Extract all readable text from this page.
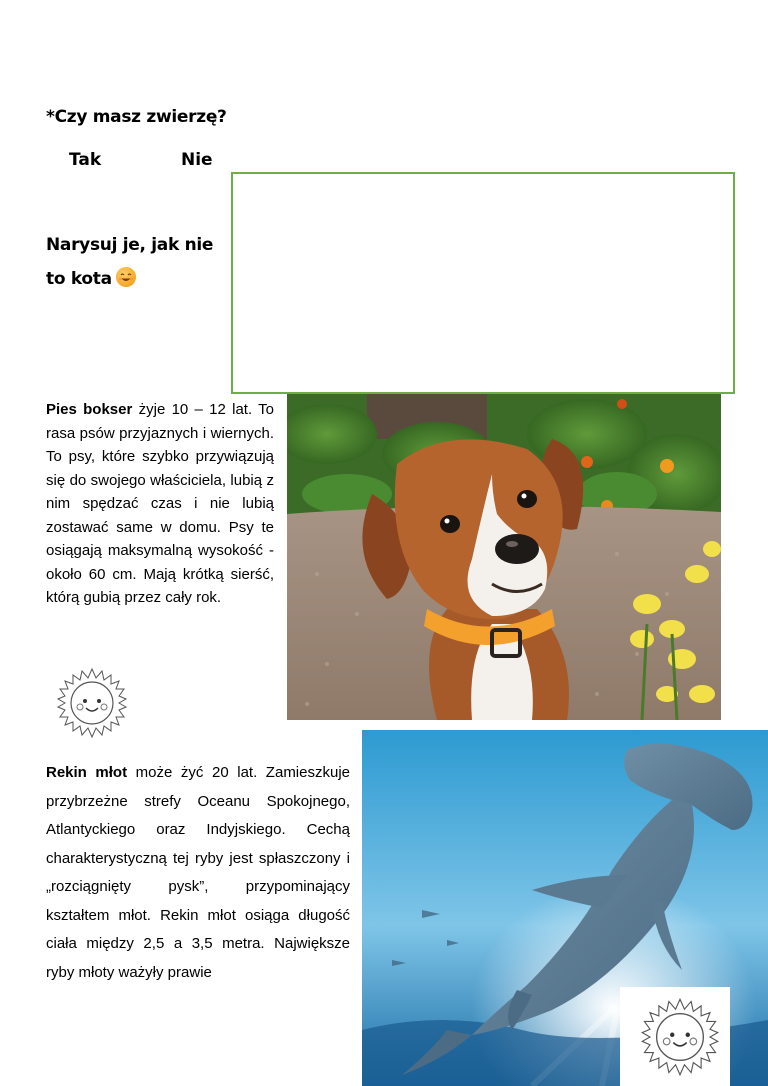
*Czy masz zwierzę?
Tak	Nie
Narysuj je, jak nie
to kota
Pies bokser żyje 10 – 12 lat. To rasa psów przyjaznych i wiernych. To psy, które szybko przywiązują się do swojego właściciela, lubią z nim spędzać czas i nie lubią zostawać same w domu. Psy te osiągają maksymalną wysokość - około 60 cm. Mają krótką sierść, którą gubią przez cały rok.
Rekin młot może żyć 20 lat. Zamieszkuje przybrzeżne strefy Oceanu Spokojnego, Atlantyckiego oraz Indyjskiego. Cechą charakterystyczną tej ryby jest spłaszczony i „rozciągnięty pysk”, przypominający kształtem młot. Rekin młot osiąga długość ciała między 2,5 a 3,5 metra. Największe ryby młoty ważyły prawie
